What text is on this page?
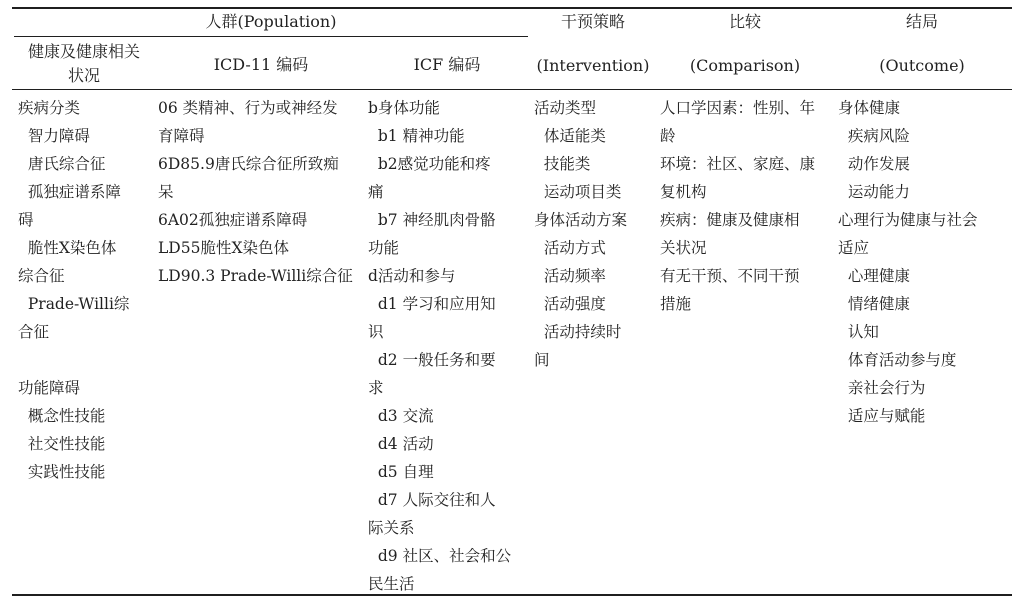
人群(Population)
健康及健康相关
状况
ICD-11 编码	ICF 编码
干预策略
(Intervention)
比较
(Comparison)
结局
(Outcome)
疾病分类
智力障碍
唐氏综合征
孤独症谱系障
碍
脆性X染色体
综合征
Prade-Willi综
合征
功能障碍
概念性技能
社交性技能
实践性技能
06 类精神、行为或神经发
育障碍
6D85.9唐氏综合征所致痴
呆
6A02孤独症谱系障碍
LD55脆性X染色体
LD90.3 Prade-Willi综合征
b身体功能
b1 精神功能
b2感觉功能和疼
痛
b7 神经肌肉骨骼
功能
d活动和参与
d1 学习和应用知
识
d2 一般任务和要
求
d3 交流
d4 活动
d5 自理
d7 人际交往和人
际关系
d9 社区、社会和公
民生活
活动类型
体适能类
技能类
运动项目类
身体活动方案
活动方式
活动频率
活动强度
活动持续时
间
人口学因素：性别、年
龄
环境：社区、家庭、康
复机构
疾病：健康及健康相
关状况
有无干预、不同干预
措施
身体健康
疾病风险
动作发展
运动能力
心理行为健康与社会
适应
心理健康
情绪健康
认知
体育活动参与度
亲社会行为
适应与赋能
